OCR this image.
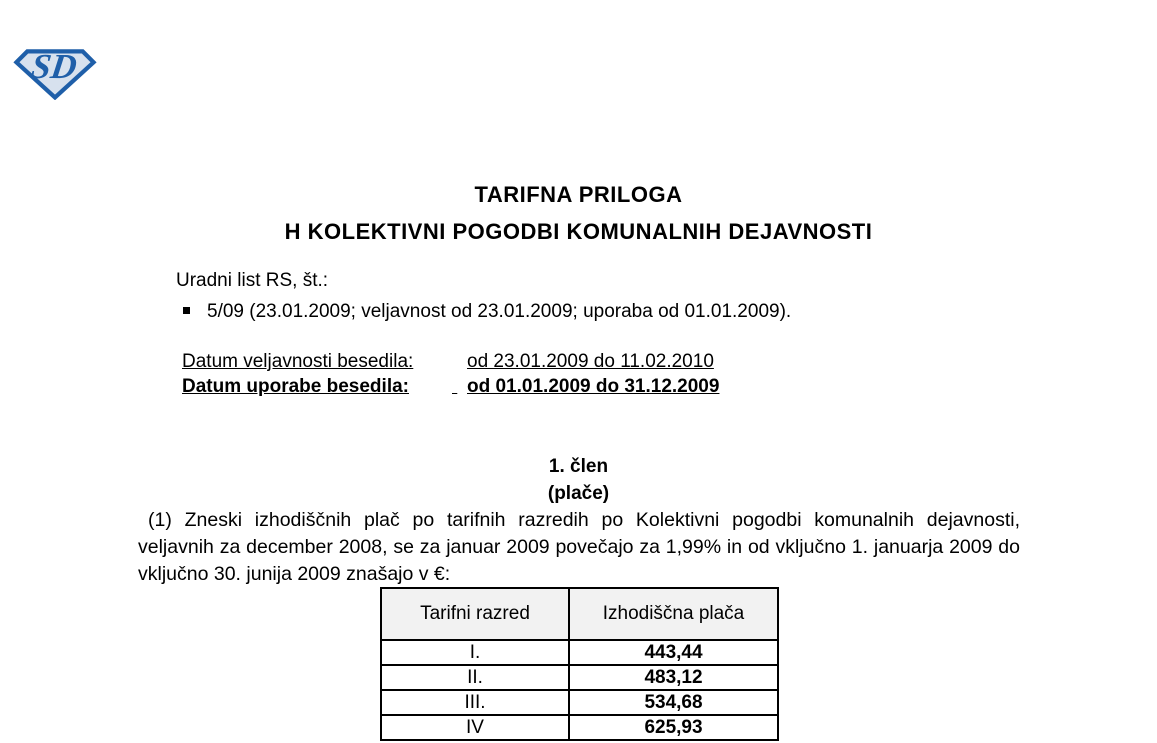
SD
TARIFNA PRILOGA
H KOLEKTIVNI POGODBI KOMUNALNIH DEJAVNOSTI
Uradni list RS, št.:
5/09 (23.01.2009; veljavnost od 23.01.2009; uporaba od 01.01.2009).
Datum veljavnosti besedila:	od 23.01.2009 do 11.02.2010
Datum uporabe besedila:	od 01.01.2009 do 31.12.2009
1. člen
(plače)
(1) Zneski izhodiščnih plač po tarifnih razredih po Kolektivni pogodbi komunalnih dejavnosti, veljavnih za december 2008, se za januar 2009 povečajo za 1,99% in od vključno 1. januarja 2009 do vključno 30. junija 2009 znašajo v €:
Tarifni razred	Izhodiščna plača
I.	443,44
II.	483,12
III.	534,68
IV	625,93
